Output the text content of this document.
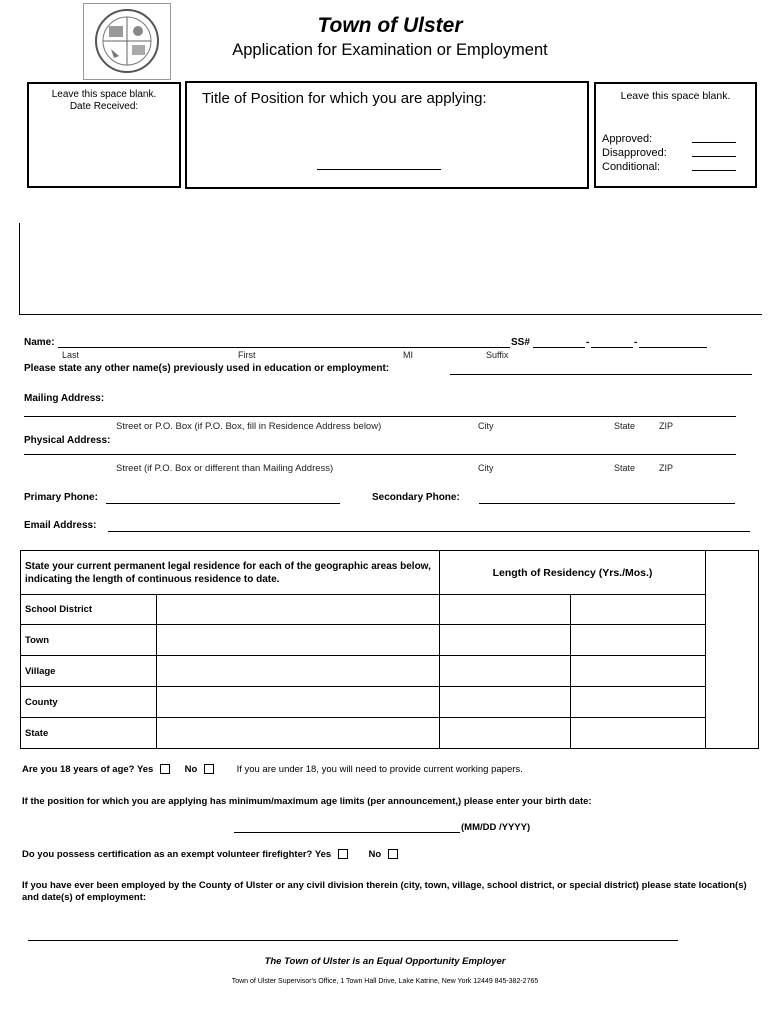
Town of Ulster
Application for Examination or Employment
Leave this space blank.
Date Received:	Title of Position for which you are applying:	Leave this space blank.
Approved:
Disapproved:
Conditional:
Name:	SS#	-	-
Last	First	MI	Suffix
Please state any other name(s) previously used in education or employment:
Mailing Address:
Street or P.O. Box (if P.O. Box, fill in Residence Address below)	City	State	ZIP
Physical Address:
Street (if P.O. Box or different than Mailing Address)	City	State	ZIP
Primary Phone:	Secondary Phone:
Email Address:
State your current permanent legal residence for each of the geographic areas below, indicating the length of continuous residence to date.		Length of Residency (Yrs./Mos.)		
School District				
Town				
Village				
County				
State				
Are you 18 years of age? Yes	No	If you are under 18, you will need to provide current working papers.
If the position for which you are applying has minimum/maximum age limits (per announcement,) please enter your birth date:
(MM/DD /YYYY)
Do you possess certification as an exempt volunteer firefighter? Yes	No
If you have ever been employed by the County of Ulster or any civil division therein (city, town, village, school district, or special district) please state location(s) and date(s) of employment:
The Town of Ulster is an Equal Opportunity Employer
Town of Ulster Supervisor's Office, 1 Town Hall Drive, Lake Katrine, New York 12449 845-382-2765
